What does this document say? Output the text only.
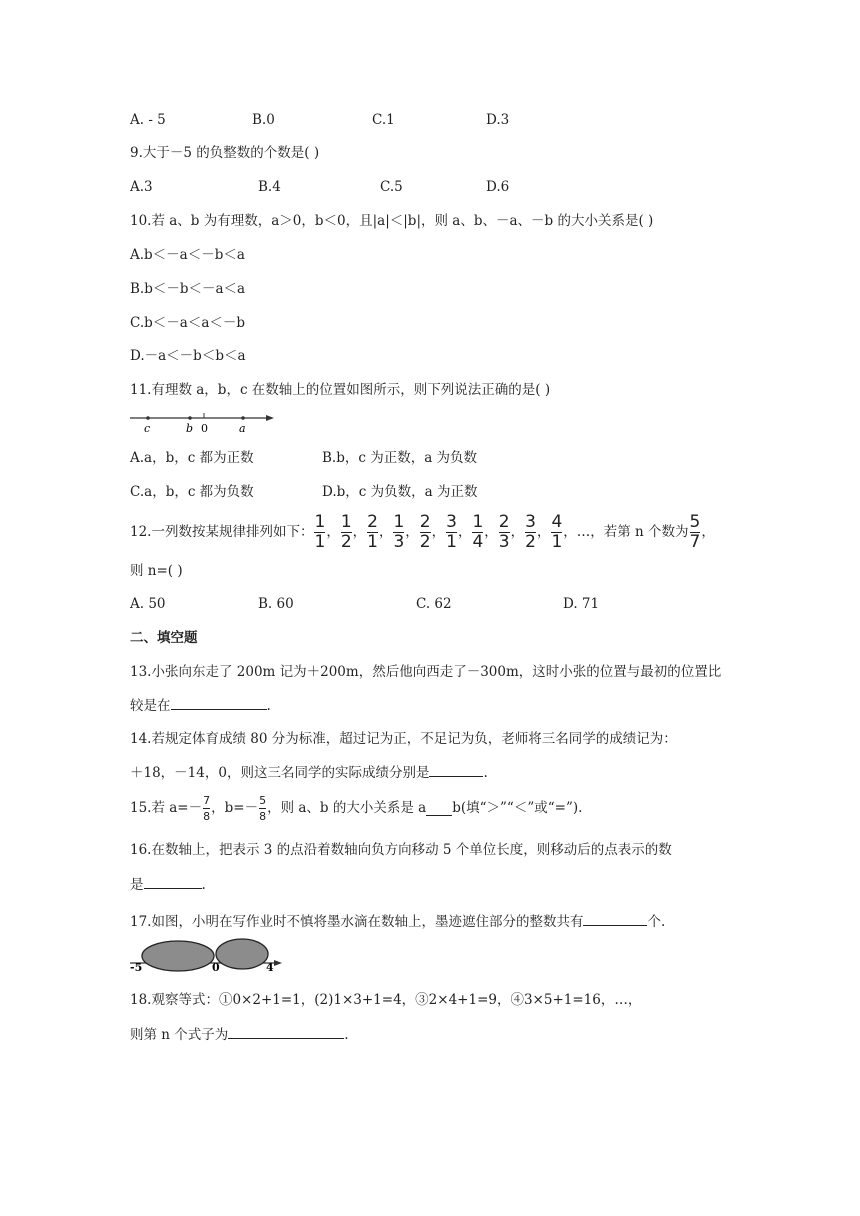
A. - 5	B.0	C.1	D.3
9.大于－5 的负整数的个数是( )
A.3	B.4	C.5	D.6
10.若 a、b 为有理数，a＞0，b＜0，且|a|＜|b|，则 a、b、－a、－b 的大小关系是( )
A.b＜－a＜－b＜a
B.b＜－b＜－a＜a
C.b＜－a＜a＜－b
D.－a＜－b＜b＜a
11.有理数 a，b，c 在数轴上的位置如图所示，则下列说法正确的是( )
c	b 0	a
A.a，b，c 都为正数	B.b，c 为正数，a 为负数
C.a，b，c 都为负数	D.b，c 为负数，a 为正数
12.一列数按某规律排列如下： $\frac{1}{1}$ ， $\frac{1}{2}$ ， $\frac{2}{1}$ ， $\frac{1}{3}$ ， $\frac{2}{2}$ ， $\frac{3}{1}$ ， $\frac{1}{4}$ ， $\frac{2}{3}$ ， $\frac{3}{2}$ ， $\frac{4}{1}$ ， … ，若第 n 个数为 $\frac{5}{7}$ ，
则 n=( )
A. 50	B. 60	C. 62	D. 71
二、填空题
13.小张向东走了 200m 记为＋200m，然后他向西走了－300m，这时小张的位置与最初的位置比
较是在	.
14.若规定体育成绩 80 分为标准，超过记为正，不足记为负，老师将三名同学的成绩记为：
＋18，－14，0，则这三名同学的实际成绩分别是	.
15.若 $a=- \frac{7}{8}$ ，$b=- \frac{5}{8}$ ，则 a、b 的大小关系是 a b(填“＞”“＜”或“=”).
16.在数轴上，把表示 3 的点沿着数轴向负方向移动 5 个单位长度，则移动后的点表示的数
是	.
17.如图，小明在写作业时不慎将墨水滴在数轴上，墨迹遮住部分的整数共有	个.
-5	0	4
18.观察等式：①0×2+1=1，(2)1×3+1=4，③2×4+1=9，④3×5+1=16，…，
则第 n 个式子为	.
